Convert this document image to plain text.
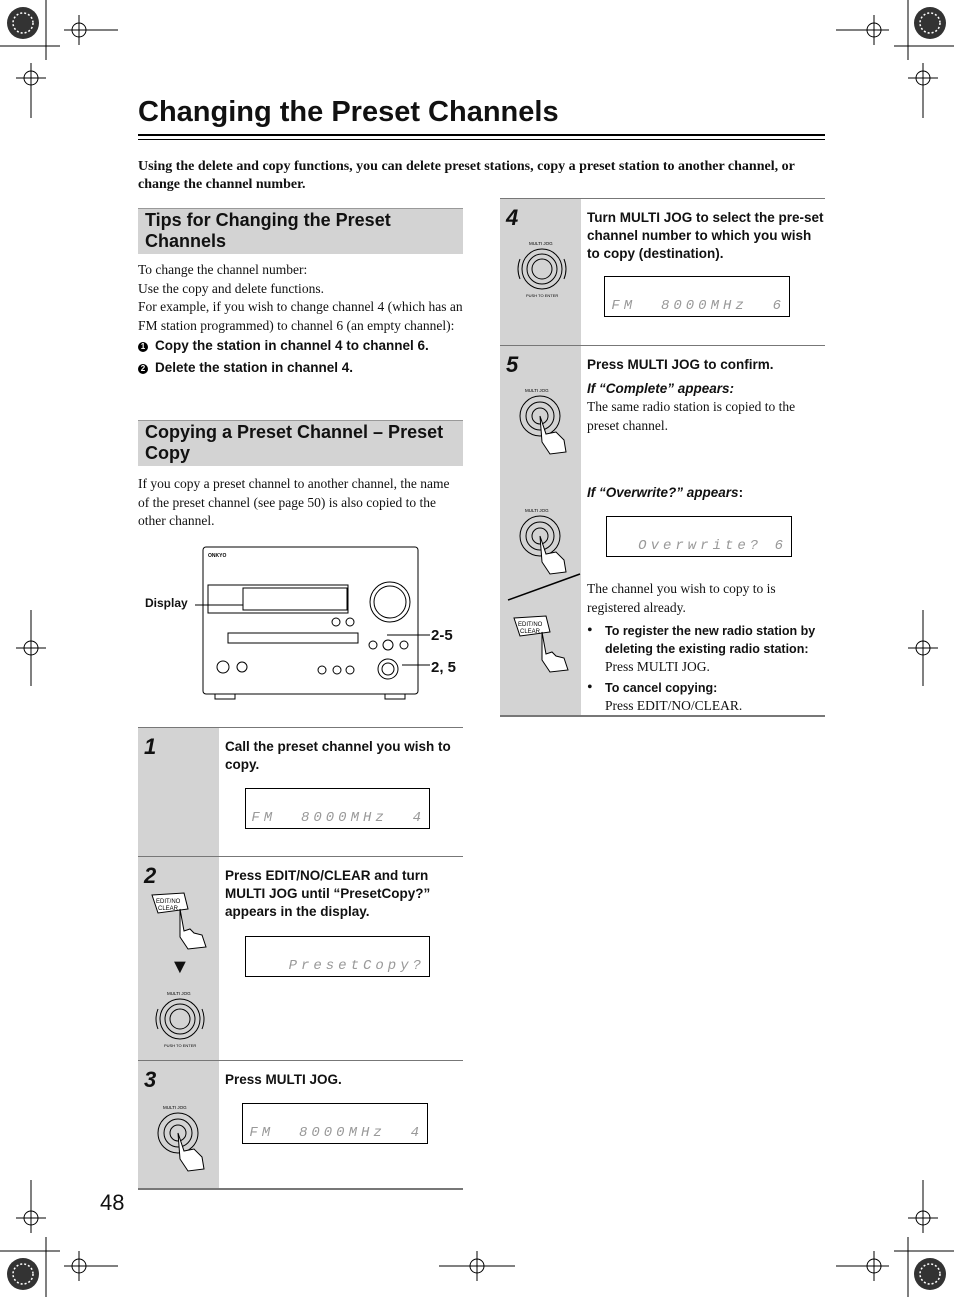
Changing the Preset Channels
Using the delete and copy functions, you can delete preset stations, copy a preset station to another channel, or change the channel number.
Tips for Changing the Preset Channels
To change the channel number:
Use the copy and delete functions.
For example, if you wish to change channel 4 (which has an FM station programmed) to channel 6 (an empty channel):
1 Copy the station in channel 4 to channel 6.
2 Delete the station in channel 4.
Copying a Preset Channel – Preset Copy
If you copy a preset channel to another channel, the name of the preset channel (see page 50) is also copied to the other channel.
Display
ONKYO
2-5
2, 5
1	Call the preset channel you wish to copy.
FM  8000MHz  4
2
EDIT/NO
CLEAR
▼
MULTI JOG
PUSH TO ENTER
Press EDIT/NO/CLEAR and turn MULTI JOG until “PresetCopy?” appears in the display.
PresetCopy?
3
MULTI JOG
Press MULTI JOG.
FM  8000MHz  4
4
MULTI JOG
PUSH TO ENTER
Turn MULTI JOG to select the pre-set channel number to which you wish to copy (destination).
FM  8000MHz  6
5
MULTI JOG
MULTI JOG
EDIT/NO
CLEAR
Press MULTI JOG to confirm.
If “Complete” appears:
The same radio station is copied to the preset channel.
If “Overwrite?” appears:
The channel you wish to copy to is registered already.
• To register the new radio station by deleting the existing radio station:
Press MULTI JOG.
• To cancel copying:
Press EDIT/NO/CLEAR.
Overwrite? 6
48
